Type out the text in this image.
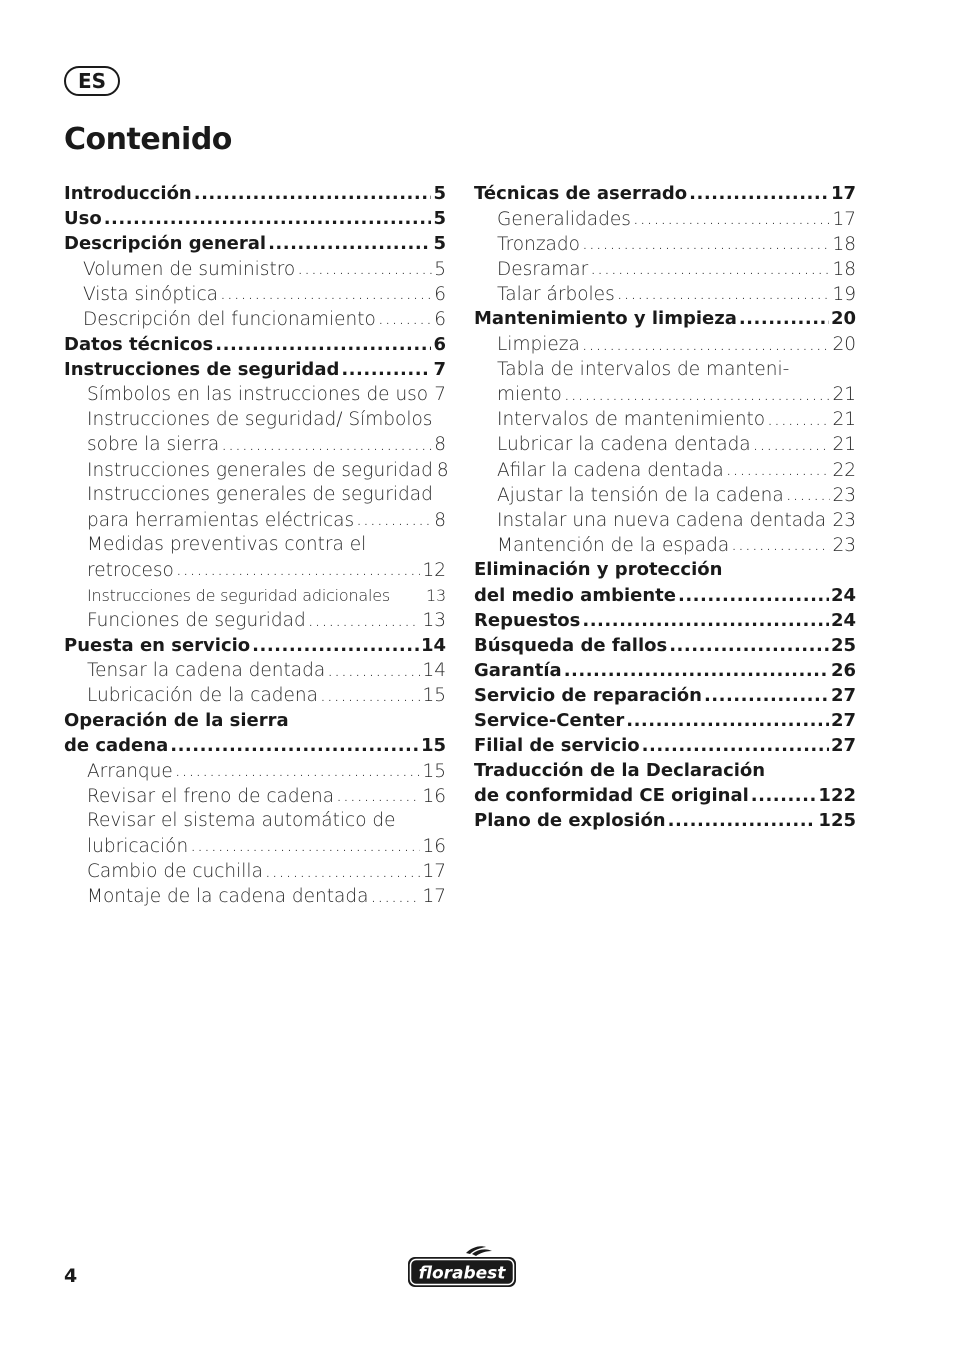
ES
Contenido
Introducción .....	5
Uso .....	5
Descripción general .....	5
Volumen de suministro .....	5
Vista sinóptica .....	6
Descripción del funcionamiento .....	6
Datos técnicos .....	6
Instrucciones de seguridad .....	7
Símbolos en las instrucciones de uso ..... 7
Instrucciones de seguridad/ Símbolos
sobre la sierra .....	8
Instrucciones generales de seguridad 8
Instrucciones generales de seguridad
para herramientas eléctricas .....	8
Medidas preventivas contra el
retroceso .....	12
Instrucciones de seguridad adicionales ..... 13
Funciones de seguridad .....	13
Puesta en servicio .....	14
Tensar la cadena dentada .....	14
Lubricación de la cadena .....	15
Operación de la sierra
de cadena .....	15
Arranque .....	15
Revisar el freno de cadena .....	16
Revisar el sistema automático de
lubricación .....	16
Cambio de cuchilla .....	17
Montaje de la cadena dentada .....	17
Técnicas de aserrado .....	17
Generalidades .....	17
Tronzado .....	18
Desramar .....	18
Talar árboles .....	19
Mantenimiento y limpieza .....	20
Limpieza .....	20
Tabla de intervalos de manteni-
miento .....	21
Intervalos de mantenimiento .....	21
Lubricar la cadena dentada .....	21
Afilar la cadena dentada .....	22
Ajustar la tensión de la cadena .....	23
Instalar una nueva cadena dentada ..... 23
Mantención de la espada .....	23
Eliminación y protección
del medio ambiente .....	24
Repuestos .....	24
Búsqueda de fallos .....	25
Garantía .....	26
Servicio de reparación .....	27
Service-Center .....	27
Filial de servicio .....	27
Traducción de la Declaración
de conformidad CE original .....	122
Plano de explosión .....	125
4	florabest
